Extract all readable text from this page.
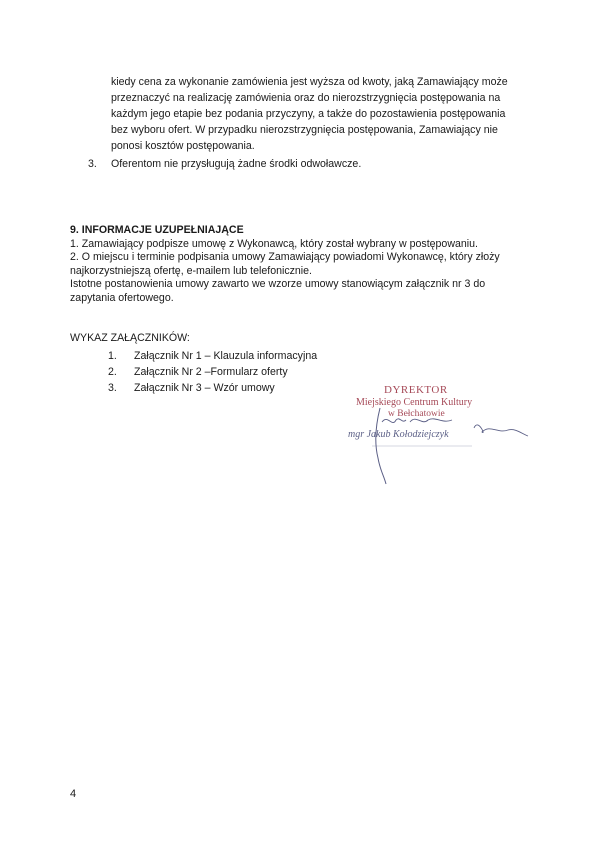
kiedy cena za wykonanie zamówienia jest wyższa od kwoty, jaką Zamawiający może
przeznaczyć na realizację zamówienia oraz do nierozstrzygnięcia postępowania na
każdym jego etapie bez podania przyczyny, a także do pozostawienia postępowania
bez wyboru ofert. W przypadku nierozstrzygnięcia postępowania, Zamawiający nie
ponosi kosztów postępowania.
3. Oferentom nie przysługują żadne środki odwoławcze.

9. INFORMACJE UZUPEŁNIAJĄCE

1. Zamawiający podpisze umowę z Wykonawcą, który został wybrany w postępowaniu.

2. O miejscu i terminie podpisania umowy Zamawiający powiadomi Wykonawcę, który złoży

najkorzystniejszą ofertę, e-mailem lub telefonicznie.

Istotne postanowienia umowy zawarto we wzorze umowy stanowiącym załącznik nr 3 do

zapytania ofertowego.

WYKAZ ZAŁĄCZNIKÓW:
1. Załącznik Nr 1 – Klauzula informacyjna
2. Załącznik Nr 2 –Formularz oferty
3. Załącznik Nr 3 – Wzór umowy	DYREKTOR
Miejskiego Centrum Kultury
w Bełchatowie
mgr Jakub Kołodziejczyk
4
